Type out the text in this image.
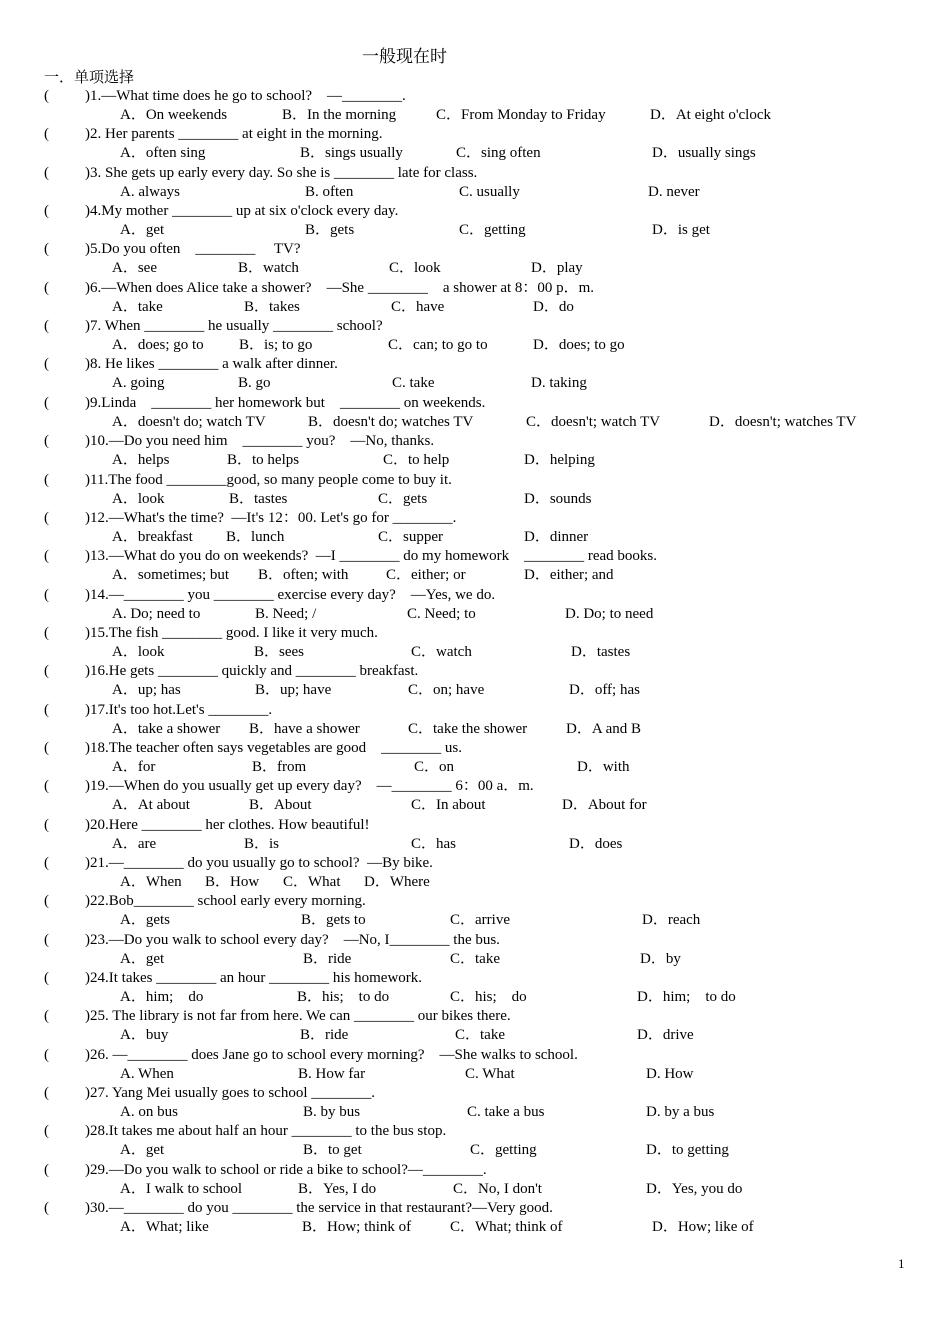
一般现在时
一．单项选择
( ) 1.—What time does he go to school?　—________.
A．On weekends	B．In the morning	C．From Monday to Friday	D．At eight o'clock
( ) 2. Her parents ________ at eight in the morning.
A．often sing	B．sings usually	C．sing often	D．usually sings
( ) 3. She gets up early every day. So she is ________ late for class.
A. always	B. often	C. usually	D. never
( ) 4.My mother ________ up at six o'clock every day.
A．get	B．gets	C．getting	D．is get
( ) 5.Do you often　________　 TV?
A．see	B．watch	C．look	D．play
( ) 6.—When does Alice take a shower?　—She ________　a shower at 8：00 p．m.
A．take	B．takes	C．have	D．do
( ) 7. When ________ he usually ________ school?
A．does; go to B．is; to go	C．can; to go to	D．does; to go
( ) 8. He likes ________ a walk after dinner.
A. going	B. go	C. take	D. taking
( ) 9.Linda　________ her homework but　________ on weekends.
A．doesn't do; watch TV	B．doesn't do; watches TV	C．doesn't; watch TV	D．doesn't; watches TV
( ) 10.—Do you need him　________ you?　—No, thanks.
A．helps	B．to helps	C．to help	D．helping
( ) 11.The food ________good, so many people come to buy it.
A．look	B．tastes	C．gets	D．sounds
( ) 12.—What's the time?  —It's 12：00. Let's go for ________.
A．breakfast B．lunch	C．supper	D．dinner
( ) 13.—What do you do on weekends?  —I ________ do my homework　________ read books.
A．sometimes; but B．often; with	C．either; or	D．either; and
( ) 14.—________ you ________ exercise every day?　—Yes, we do.
A. Do; need to	B. Need; /	C. Need; to	D. Do; to need
( ) 15.The fish ________ good. I like it very much.
A．look	B．sees	C．watch	D．tastes
( ) 16.He gets ________ quickly and ________ breakfast.
A．up; has	B．up; have	C．on; have	D．off; has
( ) 17.It's too hot.Let's ________.
A．take a shower B．have a shower	C．take the shower	D．A and B
( ) 18.The teacher often says vegetables are good　________ us.
A．for	B．from	C．on	D．with
( ) 19.—When do you usually get up every day?　—________ 6：00 a．m.
A．At about	B．About	C．In about	D．About for
( ) 20.Here ________ her clothes. How beautiful!
A．are	B．is	C．has	D．does
( ) 21.—________ do you usually go to school?  —By bike.
A．When B．How C．What D．Where
( ) 22.Bob________ school early every morning.
A．gets	B．gets to	C．arrive	D．reach
( ) 23.—Do you walk to school every day?　—No, I________ the bus.
A．get	B．ride	C．take	D．by
( ) 24.It takes ________ an hour ________ his homework.
A．him;　do	B．his;　to do	C．his;　do	D．him;　to do
( ) 25. The library is not far from here. We can ________ our bikes there.
A．buy	B．ride	C．take	D．drive
( ) 26. —________ does Jane go to school every morning?　—She walks to school.
A. When	B. How far	C. What	D. How
( ) 27. Yang Mei usually goes to school ________.
A. on bus	B. by bus	C. take a bus	D. by a bus
( ) 28.It takes me about half an hour ________ to the bus stop.
A．get	B．to get	C．getting	D．to getting
( ) 29.—Do you walk to school or ride a bike to school?—________.
A．I walk to school	B．Yes, I do	C．No, I don't	D．Yes, you do
( ) 30.—________ do you ________ the service in that restaurant?—Very good.
A．What; like	B．How; think of	C．What; think of	D．How; like of
1
